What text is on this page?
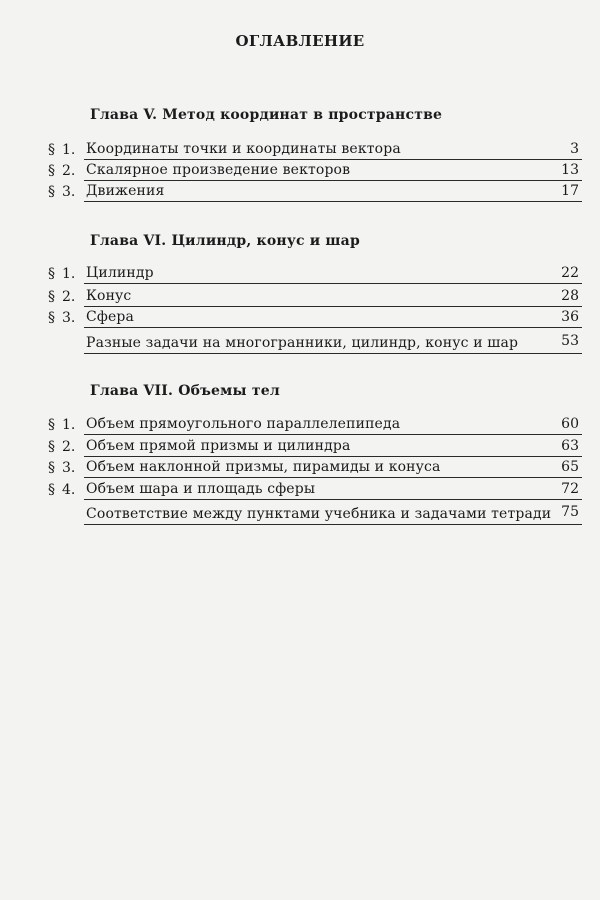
ОГЛАВЛЕНИЕ
Глава V. Метод координат в пространстве
§ 1. Координаты точки и координаты вектора	3
§ 2. Скалярное произведение векторов	13
§ 3. Движения	17
Глава VI. Цилиндр, конус и шар
§ 1. Цилиндр	22
§ 2. Конус	28
§ 3. Сфера	36
Разные задачи на многогранники, цилиндр, конус и шар	53
Глава VII. Объемы тел
§ 1. Объем прямоугольного параллелепипеда	60
§ 2. Объем прямой призмы и цилиндра	63
§ 3. Объем наклонной призмы, пирамиды и конуса	65
§ 4. Объем шара и площадь сферы	72
Соответствие между пунктами учебника и задачами тетради 75
